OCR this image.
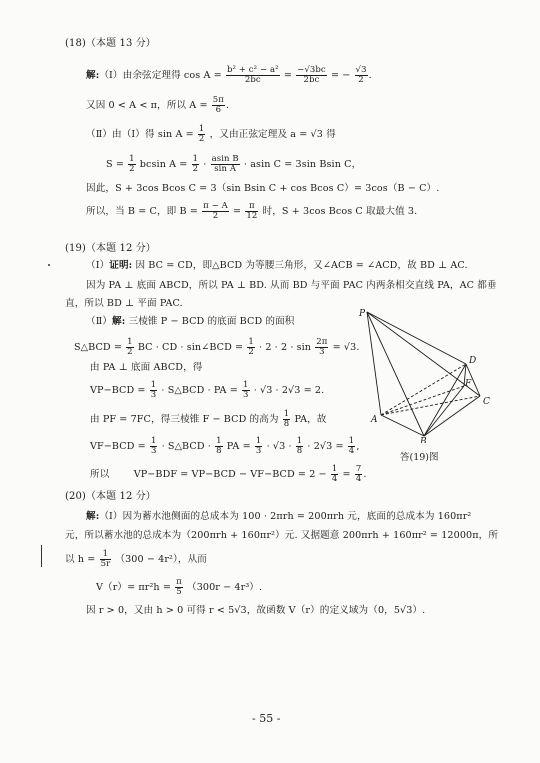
(18)（本题 13 分）
解:（Ⅰ）由余弦定理得 $\cos A = \frac{\text{b² + c² − a²}}{2bc} = \frac{-√3bc}{2bc}$ = − $\frac{√3}{2}$ .
又因 0 < A < π，所以 $A = \frac{5\pi}{6}$ .
（Ⅱ）由（Ⅰ）得 $\sin A = \frac{1}{2}$ ，又由正弦定理及 a = √3 得
$S = \frac{1}{2}$ bcsin $A = \frac{1}{2} \cdot \frac{\text{asin B}}{\text{sin A}} \cdot asin$ C = 3sin Bsin C，
因此，S + 3cos Bcos C = 3（sin Bsin C + cos Bcos C）= 3cos（B − C）.
所以，当 B = C，即 $B = \frac{\pi - A}{2} = \frac{\pi}{12}$ 时，S + 3cos Bcos C 取最大值 3.
(19)（本题 12 分）
（Ⅰ）证明: 因 BC = CD，即△BCD 为等腰三角形，又∠ACB = ∠ACD，故 BD ⊥ AC.
因为 PA ⊥ 底面 ABCD，所以 PA ⊥ BD. 从而 BD 与平面 PAC 内两条相交直线 PA，AC 都垂
直，所以 BD ⊥ 平面 PAC.
（Ⅱ）解: 三棱锥 P − BCD 的底面 BCD 的面积
S△BCD = $\frac{1}{2}$ BC · CD · sin∠BCD = $\frac{1}{2} \cdot 2 \cdot 2 \cdot \sin \frac{2\pi}{3} = √3$.
由 PA ⊥ 底面 ABCD，得
$VP-BCD = \frac{1}{3}$ · S△BCD · PA = $\frac{1}{3} \cdot √3 \cdot 2√3 = 2$.
由 PF = 7FC，得三棱锥 F − BCD 的高为 $\frac{1}{8}$ PA，故
$VF-BCD = \frac{1}{3}$ · S△BCD · $\frac{1}{8}$ PA = $\frac{1}{3} \cdot √3 \cdot \frac{1}{8} \cdot 2√3 = \frac{1}{4}$ ,
所以	$VP-BDF = VP-BCD - VF-BCD = 2 - \frac{1}{4} = \frac{7}{4}$ .
P
D
F
C
A
B
答(19)图
(20)（本题 12 分）
解:（Ⅰ）因为蓄水池侧面的总成本为 100 · 2πrh = 200πrh 元，底面的总成本为 160πr²
元，所以蓄水池的总成本为（200πrh + 160πr²）元. 又据题意 200πrh + 160πr² = 12000π，所
以 $h = \frac{1}{5r} (300 - 4r^2)$，从而
$V(r)= \pi r^2h = \frac{\pi}{5} (300r - 4r^3)$.
因 r > 0，又由 h > 0 可得 r < 5√3，故函数 V（r）的定义域为（0，5√3）.
- 55 -
